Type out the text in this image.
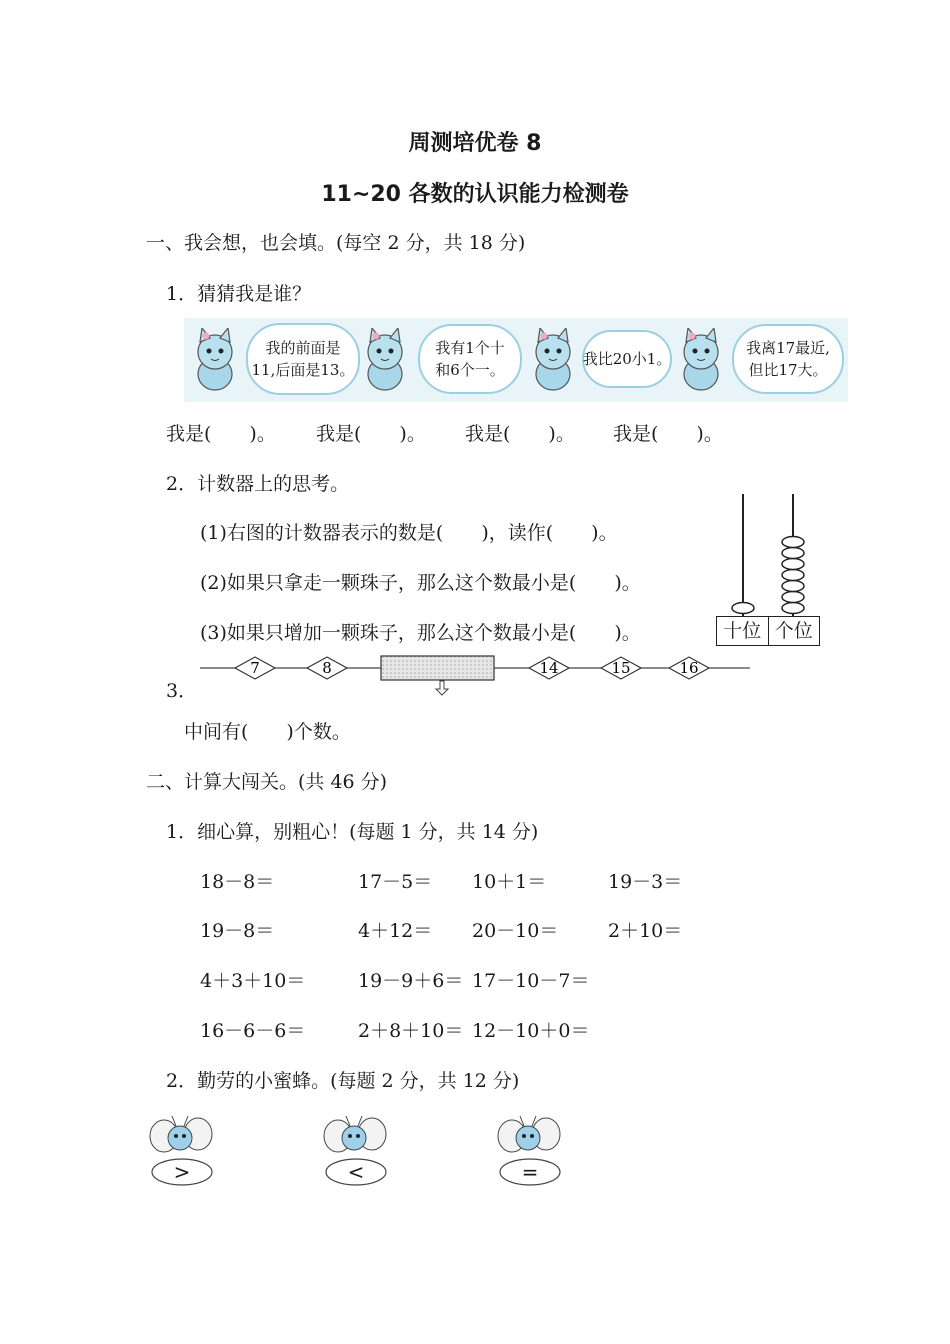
周测培优卷 8
11~20 各数的认识能力检测卷
一、我会想，也会填。(每空 2 分，共 18 分)
1．猜猜我是谁？
我的前面是
11,后面是13。
我有1个十
和6个一。
我比20小1。
我离17最近,
但比17大。
我是(　　)。 我是(　　)。 我是(　　)。 我是(　　)。
2．计数器上的思考。
(1)右图的计数器表示的数是(　　)，读作(　　)。
(2)如果只拿走一颗珠子，那么这个数最小是(　　)。
(3)如果只增加一颗珠子，那么这个数最小是(　　)。	十位 个位
3．
7	8	14	15	16
中间有(　　)个数。
二、计算大闯关。(共 46 分)
1．细心算，别粗心！(每题 1 分，共 14 分)
18－8＝	17－5＝ 10＋1＝	19－3＝
19－8＝	4＋12＝ 20－10＝	2＋10＝
4＋3＋10＝	19－9＋6＝ 17－10－7＝
16－6－6＝	2＋8＋10＝ 12－10＋0＝
2．勤劳的小蜜蜂。(每题 2 分，共 12 分)
>	<	=
